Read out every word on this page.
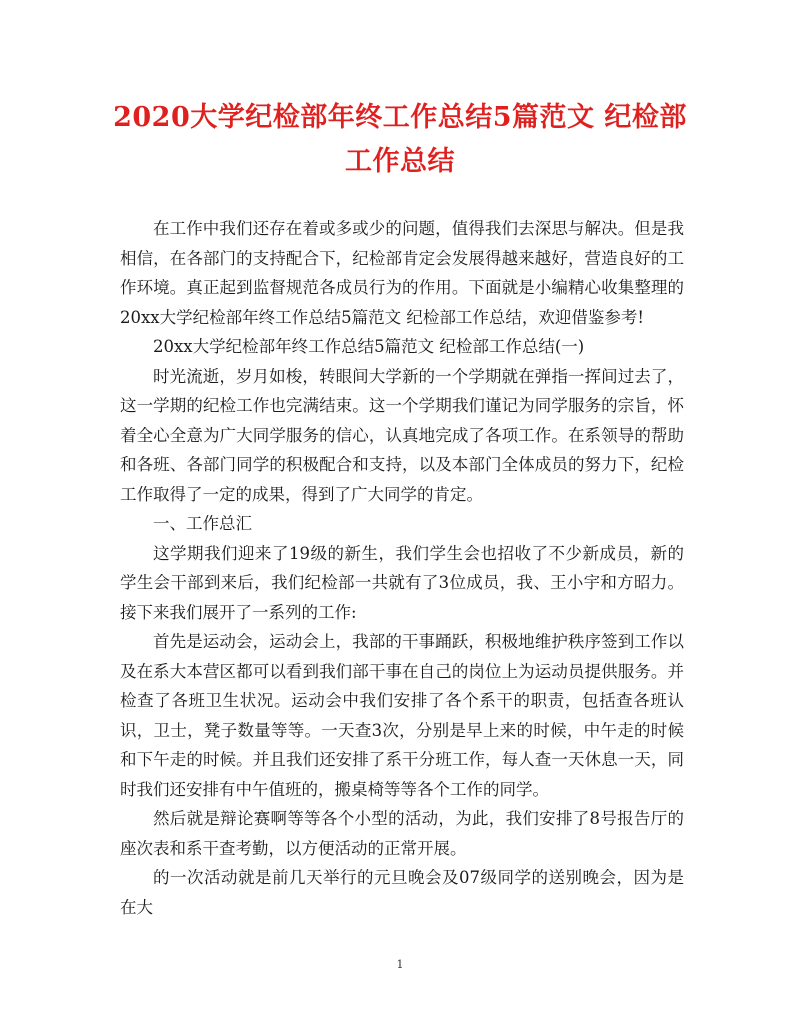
2020大学纪检部年终工作总结5篇范文 纪检部工作总结

在工作中我们还存在着或多或少的问题，值得我们去深思与解决。但是我相信，在各部门的支持配合下，纪检部肯定会发展得越来越好，营造良好的工作环境。真正起到监督规范各成员行为的作用。下面就是小编精心收集整理的20xx大学纪检部年终工作总结5篇范文 纪检部工作总结，欢迎借鉴参考!

20xx大学纪检部年终工作总结5篇范文 纪检部工作总结(一)

时光流逝，岁月如梭，转眼间大学新的一个学期就在弹指一挥间过去了，这一学期的纪检工作也完满结束。这一个学期我们谨记为同学服务的宗旨，怀着全心全意为广大同学服务的信心，认真地完成了各项工作。在系领导的帮助和各班、各部门同学的积极配合和支持，以及本部门全体成员的努力下，纪检工作取得了一定的成果，得到了广大同学的肯定。

一、工作总汇

这学期我们迎来了19级的新生，我们学生会也招收了不少新成员，新的学生会干部到来后，我们纪检部一共就有了3位成员，我、王小宇和方昭力。接下来我们展开了一系列的工作:

首先是运动会，运动会上，我部的干事踊跃，积极地维护秩序签到工作以及在系大本营区都可以看到我们部干事在自己的岗位上为运动员提供服务。并检查了各班卫生状况。运动会中我们安排了各个系干的职责，包括查各班认识，卫士，凳子数量等等。一天查3次，分别是早上来的时候，中午走的时候和下午走的时候。并且我们还安排了系干分班工作，每人查一天休息一天，同时我们还安排有中午值班的，搬桌椅等等各个工作的同学。

然后就是辩论赛啊等等各个小型的活动，为此，我们安排了8号报告厅的座次表和系干查考勤，以方便活动的正常开展。

的一次活动就是前几天举行的元旦晚会及07级同学的送别晚会，因为是在大

1
